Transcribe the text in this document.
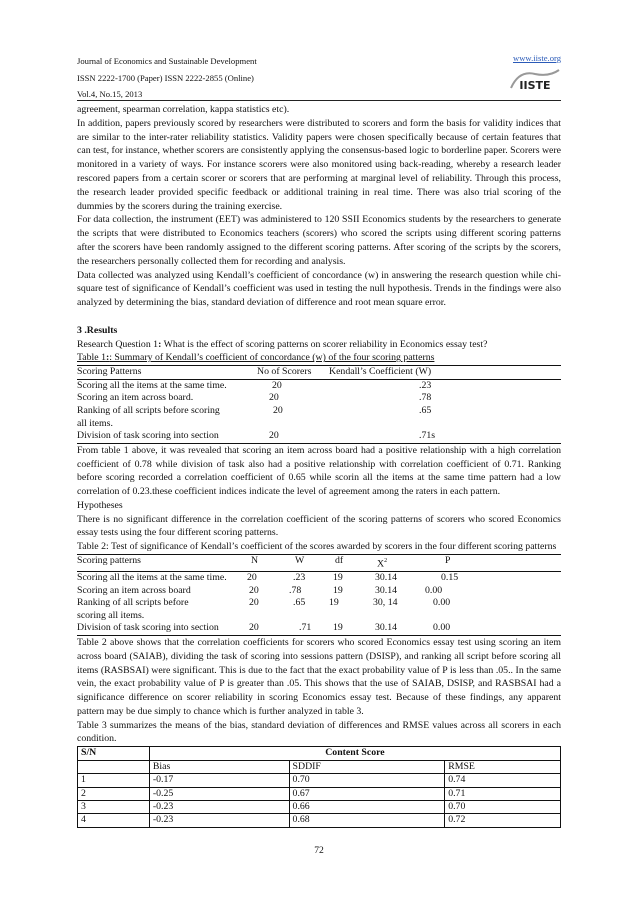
Journal of Economics and Sustainable Development
ISSN 2222-1700 (Paper) ISSN 2222-2855 (Online)
Vol.4, No.15, 2013
www.iiste.org
IISTE

agreement, spearman correlation, kappa statistics etc).

In addition, papers previously scored by researchers were distributed to scorers and form the basis for validity indices that are similar to the inter-rater reliability statistics. Validity papers were chosen specifically because of certain features that can test, for instance, whether scorers are consistently applying the consensus-based logic to borderline paper. Scorers were monitored in a variety of ways. For instance scorers were also monitored using back-reading, whereby a research leader rescored papers from a certain scorer or scorers that are performing at marginal level of reliability. Through this process, the research leader provided specific feedback or additional training in real time. There was also trial scoring of the dummies by the scorers during the training exercise.

For data collection, the instrument (EET) was administered to 120 SSII Economics students by the researchers to generate the scripts that were distributed to Economics teachers (scorers) who scored the scripts using different scoring patterns after the scorers have been randomly assigned to the different scoring patterns. After scoring of the scripts by the scorers, the researchers personally collected them for recording and analysis.

Data collected was analyzed using Kendall’s coefficient of concordance (w) in answering the research question while chi-square test of significance of Kendall’s coefficient was used in testing the null hypothesis. Trends in the findings were also analyzed by determining the bias, standard deviation of difference and root mean square error.

3 .Results

Research Question 1: What is the effect of scoring patterns on scorer reliability in Economics essay test?

Table 1:: Summary of Kendall’s coefficient of concordance (w) of the four scoring patterns

Scoring Patterns	No of Scorers	Kendall’s Coefficient (W)
Scoring all the items at the same time.	20	.23
Scoring an item across board.	20	.78
Ranking of all scripts before scoring	20	.65
all items.		
Division of task scoring into section	20	.71s

From table 1 above, it was revealed that scoring an item across board had a positive relationship with a high correlation coefficient of 0.78 while division of task also had a positive relationship with correlation coefficient of 0.71. Ranking before scoring recorded a correlation coefficient of 0.65 while scorin all the items at the same time pattern had a low correlation of 0.23.these coefficient indices indicate the level of agreement among the raters in each pattern.

Hypotheses

There is no significant difference in the correlation coefficient of the scoring patterns of scorers who scored Economics essay tests using the four different scoring patterns.

Table 2: Test of significance of Kendall’s coefficient of the scores awarded by scorers in the four different scoring patterns

Scoring patterns	N	W	df	$X^2$	P
Scoring all the items at the same time.	20	.23	19	30.14	0.15
Scoring an item across board	20	.78	19	30.14	0.00
Ranking of all scripts before	20	.65	19	30, 14	0.00
scoring all items.					
Division of task scoring into section	20	.71	19	30.14	0.00

Table 2 above shows that the correlation coefficients for scorers who scored Economics essay test using scoring an item across board (SAIAB), dividing the task of scoring into sessions pattern (DSISP), and ranking all script before scoring all items (RASBSAI) were significant. This is due to the fact that the exact probability value of P is less than .05.. In the same vein, the exact probability value of P is greater than .05. This shows that the use of SAIAB, DSISP, and RASBSAI had a significance difference on scorer reliability in scoring Economics essay test. Because of these findings, any apparent pattern may be due simply to chance which is further analyzed in table 3.

Table 3 summarizes the means of the bias, standard deviation of differences and RMSE values across all scorers in each condition.

S/N	Content Score		
	Bias	SDDIF	RMSE
1	-0.17	0.70	0.74
2	-0.25	0.67	0.71
3	-0.23	0.66	0.70
4	-0.23	0.68	0.72
72
